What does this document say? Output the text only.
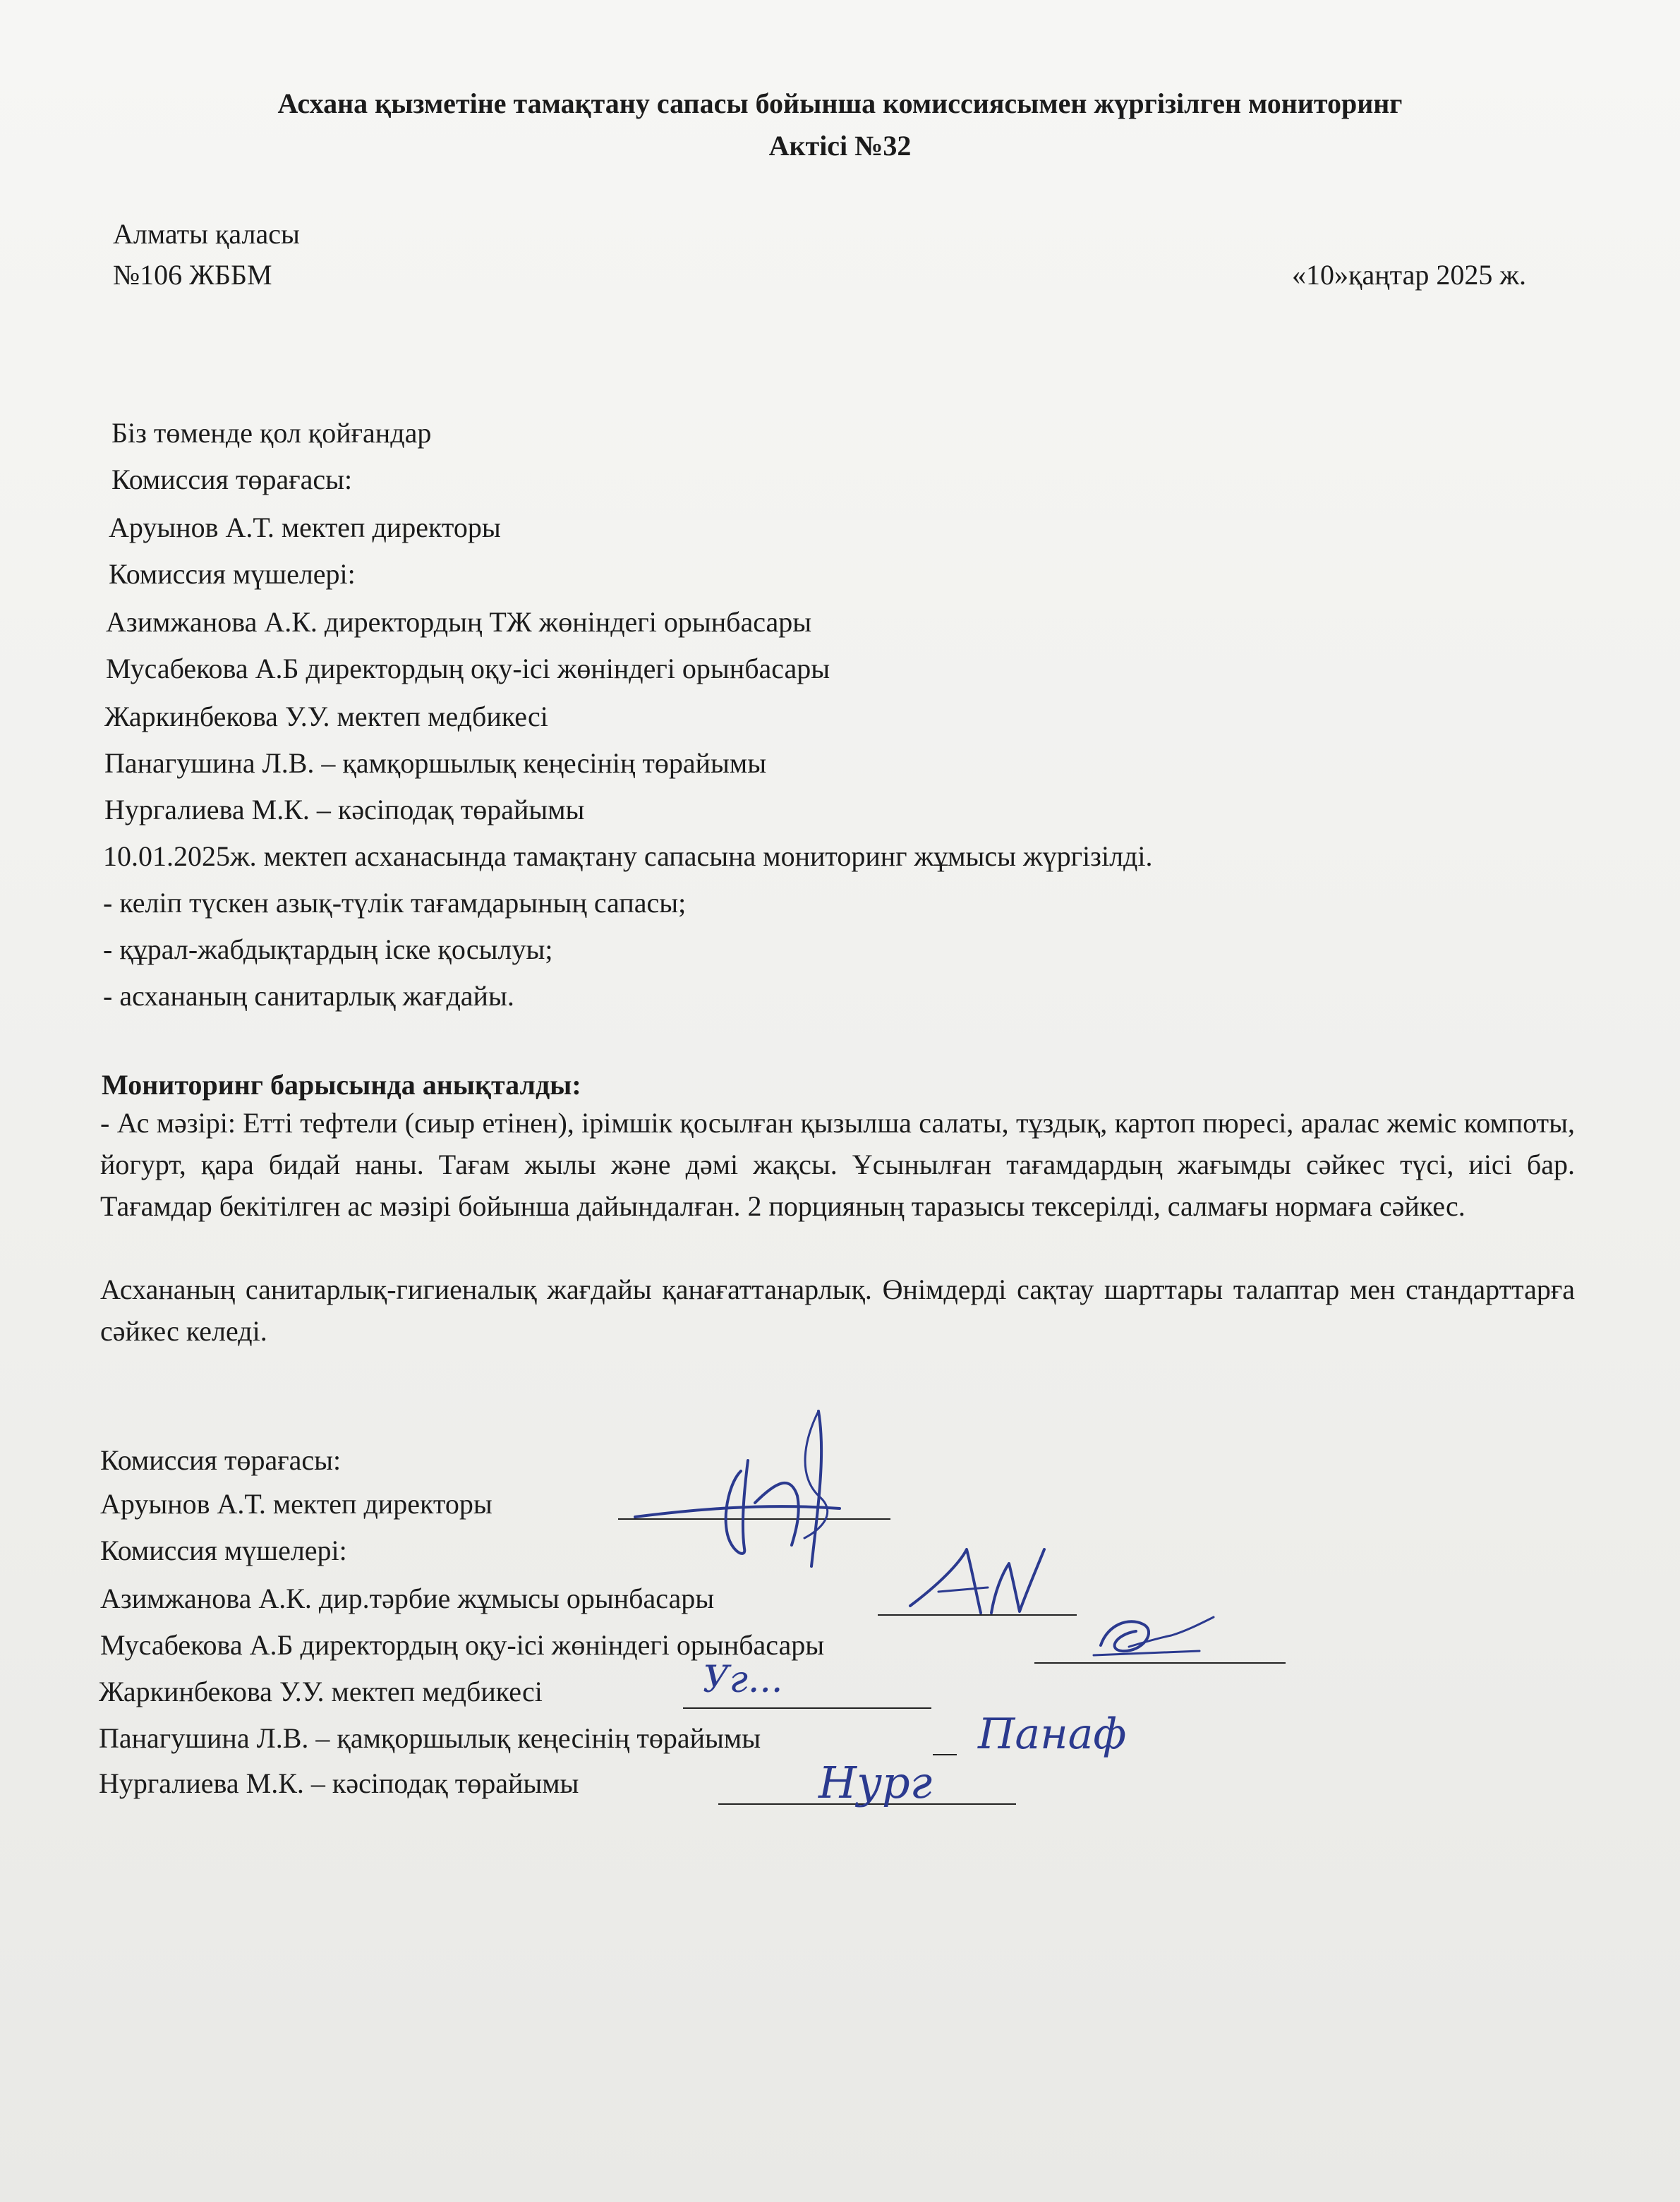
Асхана қызметіне тамақтану сапасы бойынша комиссиясымен жүргізілген мониторинг
Актісі №32
Алматы қаласы
№106 ЖББМ	«10»қаңтар 2025 ж.
Біз төменде қол қойғандар
Комиссия төрағасы:
Аруынов А.Т. мектеп директоры
Комиссия мүшелері:
Азимжанова А.К. директордың ТЖ жөніндегі орынбасары
Мусабекова А.Б директордың оқу-ісі жөніндегі орынбасары
Жаркинбекова У.У. мектеп медбикесі
Панагушина Л.В. – қамқоршылық кеңесінің төрайымы
Нургалиева М.К. – кәсіподақ төрайымы
10.01.2025ж. мектеп асханасында тамақтану сапасына мониторинг жұмысы жүргізілді.
- келіп түскен азық-түлік тағамдарының сапасы;
- құрал-жабдықтардың іске қосылуы;
- асхананың санитарлық жағдайы.
Мониторинг барысында анықталды:
- Ас мәзірі: Етті тефтели (сиыр етінен), ірімшік қосылған қызылша салаты, тұздық, картоп пюресі, аралас жеміс компоты, йогурт, қара бидай наны. Тағам жылы және дәмі жақсы. Ұсынылған тағамдардың жағымды сәйкес түсі, иісі бар. Тағамдар бекітілген ас мәзірі бойынша дайындалған. 2 порцияның таразысы тексерілді, салмағы нормаға сәйкес.
Асхананың санитарлық-гигиеналық жағдайы қанағаттанарлық. Өнімдерді сақтау шарттары талаптар мен стандарттарға сәйкес келеді.
Комиссия төрағасы:
Аруынов А.Т. мектеп директоры
Комиссия мүшелері:
Азимжанова А.К. дир.тәрбие жұмысы орынбасары
Мусабекова А.Б директордың оқу-ісі жөніндегі орынбасары
Жаркинбекова У.У. мектеп медбикесі
Панагушина Л.В. – қамқоршылық кеңесінің төрайымы
Нургалиева М.К. – кәсіподақ төрайымы
Уг...
Панаф
Нург
